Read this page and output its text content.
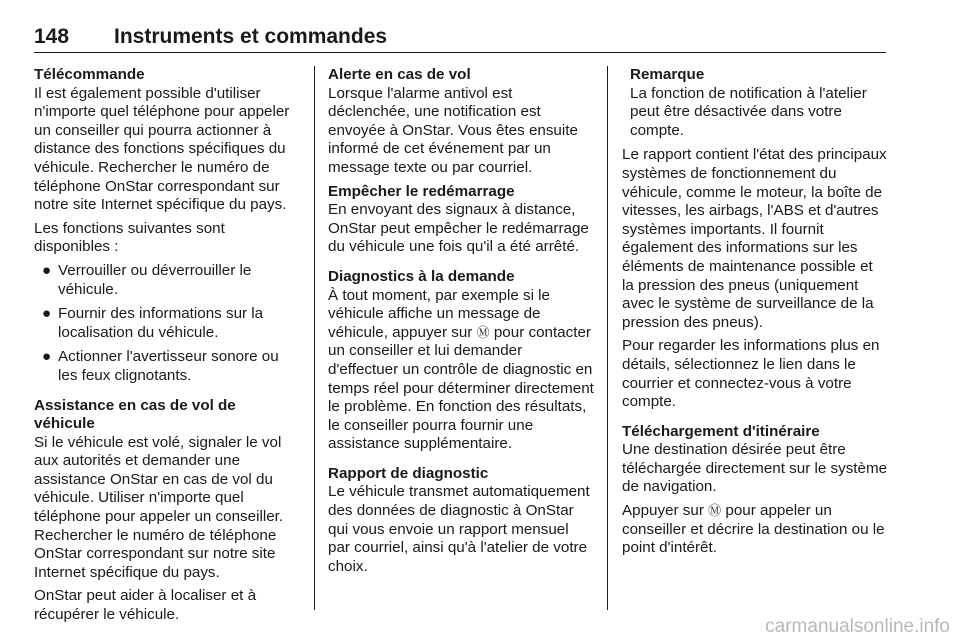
148 Instruments et commandes
Télécommande
Il est également possible d'utiliser n'importe quel téléphone pour appeler un conseiller qui pourra actionner à distance des fonctions spécifiques du véhicule. Rechercher le numéro de téléphone OnStar correspondant sur notre site Internet spécifique du pays.
Les fonctions suivantes sont disponibles :
● Verrouiller ou déverrouiller le véhicule.
● Fournir des informations sur la localisation du véhicule.
● Actionner l'avertisseur sonore ou les feux clignotants.
Assistance en cas de vol de véhicule
Si le véhicule est volé, signaler le vol aux autorités et demander une assistance OnStar en cas de vol du véhicule. Utiliser n'importe quel téléphone pour appeler un conseiller. Rechercher le numéro de téléphone OnStar correspondant sur notre site Internet spécifique du pays.
OnStar peut aider à localiser et à récupérer le véhicule.
Alerte en cas de vol
Lorsque l'alarme antivol est déclenchée, une notification est envoyée à OnStar. Vous êtes ensuite informé de cet événement par un message texte ou par courriel.
Empêcher le redémarrage
En envoyant des signaux à distance, OnStar peut empêcher le redémarrage du véhicule une fois qu'il a été arrêté.
Diagnostics à la demande
À tout moment, par exemple si le véhicule affiche un message de véhicule, appuyer sur Ⓜ pour contacter un conseiller et lui demander d'effectuer un contrôle de diagnostic en temps réel pour déterminer directement le problème. En fonction des résultats, le conseiller pourra fournir une assistance supplémentaire.
Rapport de diagnostic
Le véhicule transmet automatiquement des données de diagnostic à OnStar qui vous envoie un rapport mensuel par courriel, ainsi qu'à l'atelier de votre choix.
Remarque
La fonction de notification à l'atelier peut être désactivée dans votre compte.
Le rapport contient l'état des principaux systèmes de fonctionnement du véhicule, comme le moteur, la boîte de vitesses, les airbags, l'ABS et d'autres systèmes importants. Il fournit également des informations sur les éléments de maintenance possible et la pression des pneus (uniquement avec le système de surveillance de la pression des pneus).
Pour regarder les informations plus en détails, sélectionnez le lien dans le courrier et connectez-vous à votre compte.
Téléchargement d'itinéraire
Une destination désirée peut être téléchargée directement sur le système de navigation.
Appuyer sur Ⓜ pour appeler un conseiller et décrire la destination ou le point d'intérêt.
carmanualsonline.info
